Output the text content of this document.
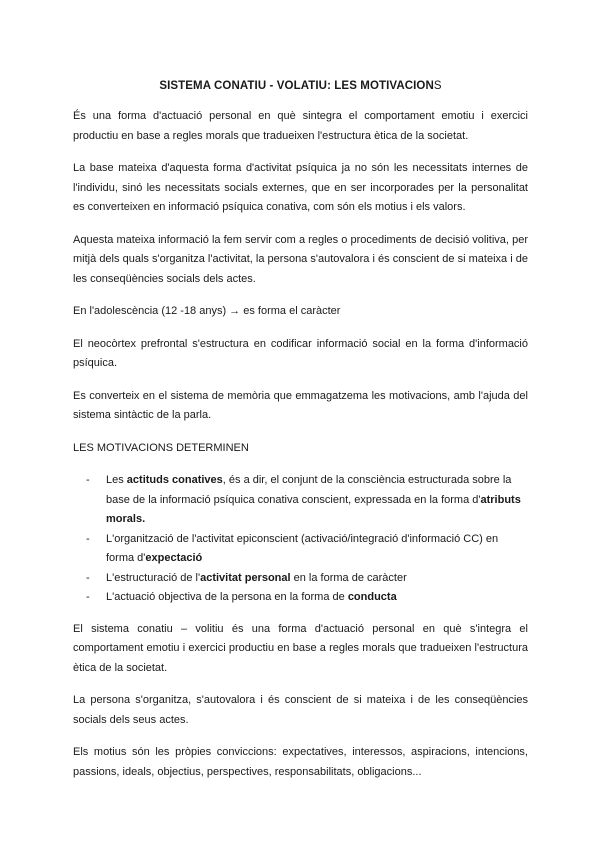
SISTEMA CONATIU - VOLATIU: LES MOTIVACIONS

És una forma d'actuació personal en què sintegra el comportament emotiu i exercici productiu en base a regles morals que tradueixen l'estructura ètica de la societat.

La base mateixa d'aquesta forma d'activitat psíquica ja no són les necessitats internes de l'individu, sinó les necessitats socials externes, que en ser incorporades per la personalitat es converteixen en informació psíquica conativa, com són els motius i els valors.

Aquesta mateixa informació la fem servir com a regles o procediments de decisió volitiva, per mitjà dels quals s'organitza l'activitat, la persona s'autovalora i és conscient de si mateixa i de les conseqüències socials dels actes.

En l'adolescència (12 -18 anys) → es forma el caràcter

El neocòrtex prefrontal s'estructura en codificar informació social en la forma d'informació psíquica.

Es converteix en el sistema de memòria que emmagatzema les motivacions, amb l'ajuda del sistema sintàctic de la parla.

LES MOTIVACIONS DETERMINEN

- Les actituds conatives, és a dir, el conjunt de la consciència estructurada sobre la base de la informació psíquica conativa conscient, expressada en la forma d'atributs morals.
- L'organització de l'activitat epiconscient (activació/integració d'informació CC) en forma d'expectació
- L'estructuració de l'activitat personal en la forma de caràcter
- L'actuació objectiva de la persona en la forma de conducta

El sistema conatiu – volitiu és una forma d'actuació personal en què s'integra el comportament emotiu i exercici productiu en base a regles morals que tradueixen l'estructura ètica de la societat.

La persona s'organitza, s'autovalora i és conscient de si mateixa i de les conseqüències socials dels seus actes.

Els motius són les pròpies conviccions: expectatives, interessos, aspiracions, intencions, passions, ideals, objectius, perspectives, responsabilitats, obligacions...
